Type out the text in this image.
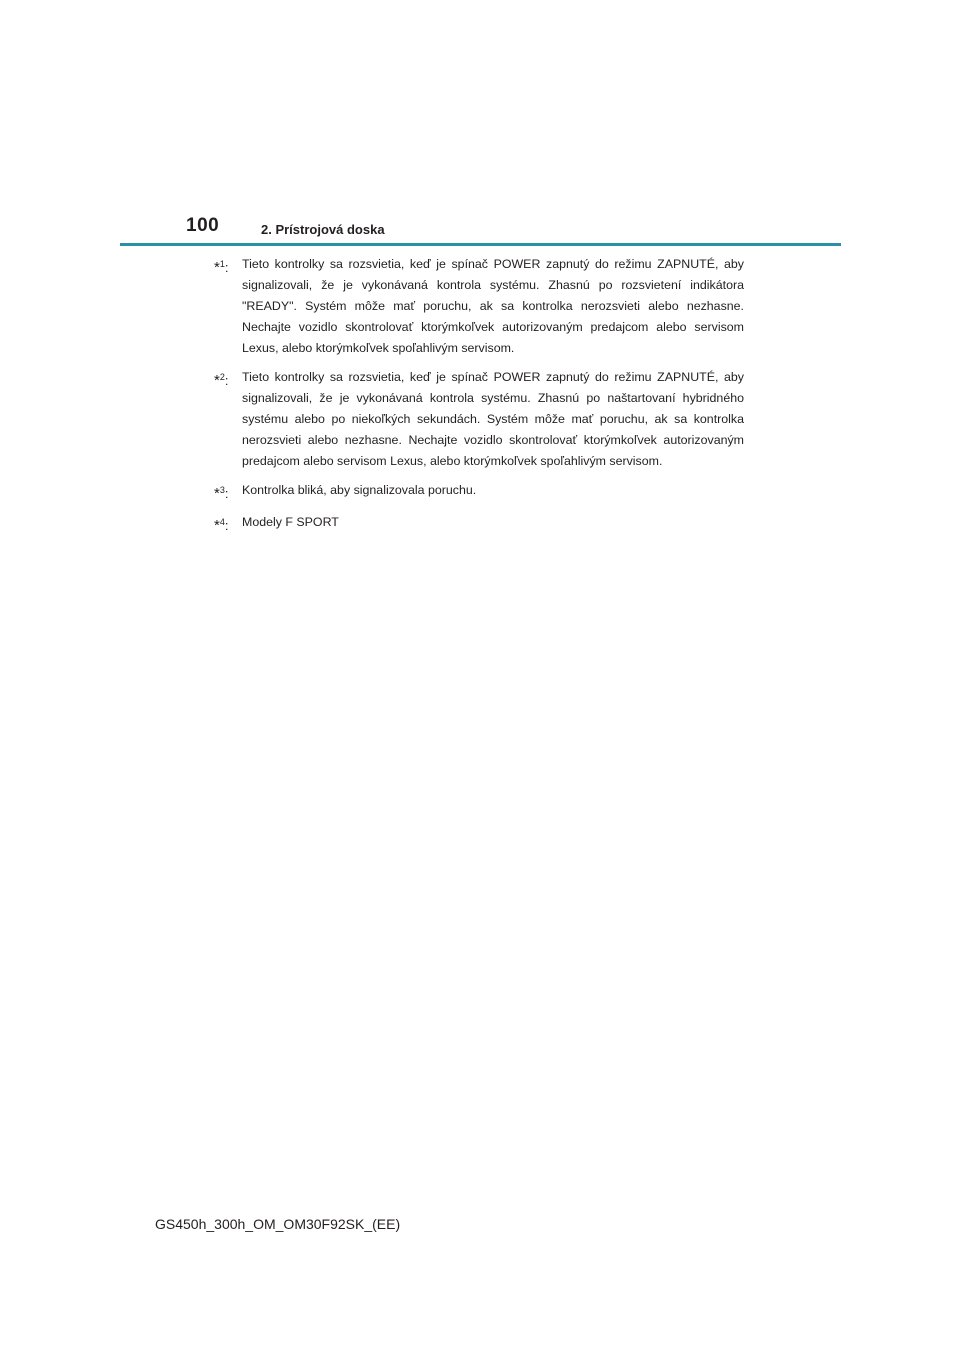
100	2. Prístrojová doska
*$^1$:	Tieto kontrolky sa rozsvietia, keď je spínač POWER zapnutý do režimu ZAPNUTÉ, aby signalizovali, že je vykonávaná kontrola systému. Zhasnú po rozsvietení indikátora "READY". Systém môže mať poruchu, ak sa kontrolka nerozsvieti alebo nezhasne. Nechajte vozidlo skontrolovať ktorýmkoľvek autorizovaným predajcom alebo servisom Lexus, alebo ktorýmkoľvek spoľahlivým servisom.
*$^2$:	Tieto kontrolky sa rozsvietia, keď je spínač POWER zapnutý do režimu ZAPNUTÉ, aby signalizovali, že je vykonávaná kontrola systému. Zhasnú po naštartovaní hybridného systému alebo po niekoľkých sekundách. Systém môže mať poruchu, ak sa kontrolka nerozsvieti alebo nezhasne. Nechajte vozidlo skontrolovať ktorýmkoľvek autorizovaným predajcom alebo servisom Lexus, alebo ktorýmkoľvek spoľahlivým servisom.
*$^3$:	Kontrolka bliká, aby signalizovala poruchu.
*$^4$:	Modely F SPORT
GS450h_300h_OM_OM30F92SK_(EE)
